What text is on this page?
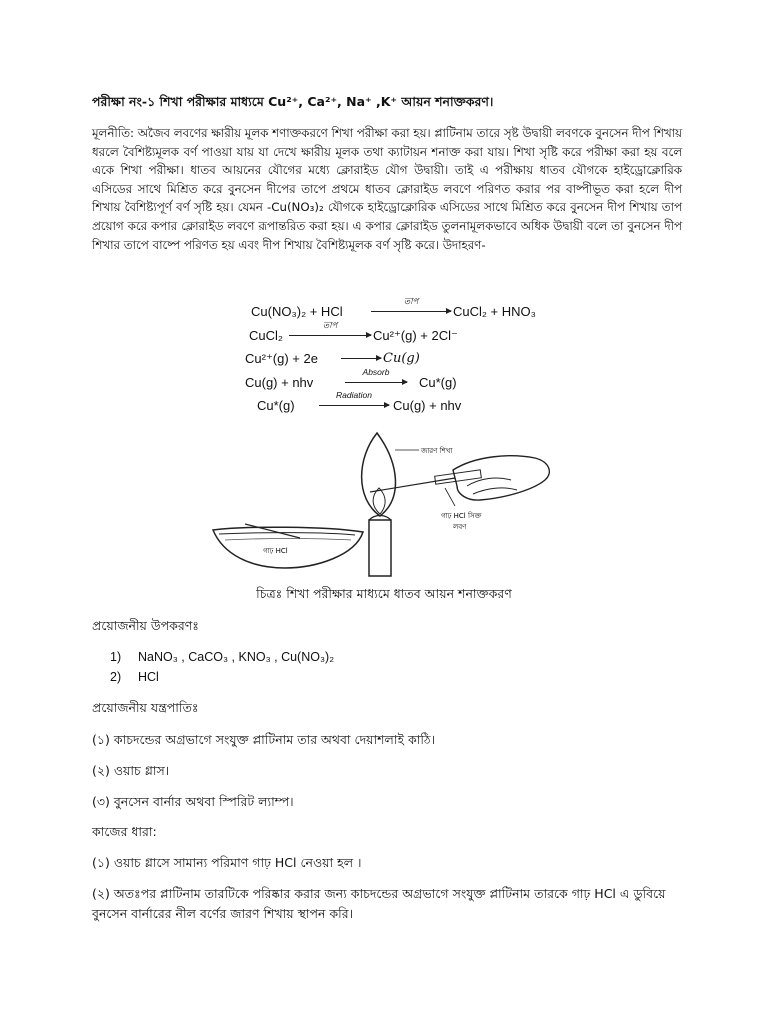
পরীক্ষা নং-১ শিখা পরীক্ষার মাধ্যমে Cu²⁺, Ca²⁺, Na⁺ ,K⁺ আয়ন শনাক্তকরণ।
মূলনীতি: অজৈব লবণের ক্ষারীয় মূলক শণাক্তকরণে শিখা পরীক্ষা করা হয়। প্লাটিনাম তারে সৃষ্ট উদ্বায়ী লবণকে বুনসেন দীপ শিখায় ধরলে বৈশিষ্ট্যমূলক বর্ণ পাওয়া যায় যা দেখে ক্ষারীয় মূলক তথা ক্যাটায়ন শনাক্ত করা যায়। শিখা সৃষ্টি করে পরীক্ষা করা হয় বলে একে শিখা পরীক্ষা। ধাতব আয়নের যৌগের মধ্যে ক্লোরাইড যৌগ উদ্বায়ী। তাই এ পরীক্ষায় ধাতব যৌগকে হাইড্রোক্লোরিক এসিডের সাথে মিশ্রিত করে বুনসেন দীপের তাপে প্রথমে ধাতব ক্লোরাইড লবণে পরিণত করার পর বাষ্পীভূত করা হলে দীপ শিখায় বৈশিষ্ট্যপূর্ণ বর্ণ সৃষ্টি হয়। যেমন -Cu(NO₃)₂ যৌগকে হাইড্রোক্লোরিক এসিডের সাথে মিশ্রিত করে বুনসেন দীপ শিখায় তাপ প্রয়োগ করে কপার ক্লোরাইড লবণে রূপান্তরিত করা হয়। এ কপার ক্লোরাইড তুলনামূলকভাবে অধিক উদ্বায়ী বলে তা বুনসেন দীপ শিখার তাপে বাষ্পে পরিণত হয় এবং দীপ শিখায় বৈশিষ্ট্যমূলক বর্ণ সৃষ্টি করে। উদাহরণ-
Cu(NO₃)₂ + HCl
তাপ
CuCl₂ + HNO₃
CuCl₂
তাপ
Cu²⁺(g) + 2Cl⁻
Cu²⁺(g) + 2e → Cu(g)
Cu(g) + nhv
Absorb
Cu*(g)
Cu*(g)
Radiation
Cu(g) + nhv
গাঢ় HCl
জারণ শিখা
গাঢ় HCl সিক্ত
লবণ
চিত্রঃ শিখা পরীক্ষার মাধ্যমে ধাতব আয়ন শনাক্তকরণ
প্রয়োজনীয় উপকরণঃ
1) NaNO₃ , CaCO₃ , KNO₃ , Cu(NO₃)₂
2) HCl
প্রয়োজনীয় যন্ত্রপাতিঃ
(১) কাচদন্ডের অগ্রভাগে সংযুক্ত প্লাটিনাম তার অথবা দেয়াশলাই কাঠি।
(২) ওয়াচ গ্লাস।
(৩) বুনসেন বার্নার অথবা স্পিরিট ল্যাম্প।
কাজের ধারা:
(১) ওয়াচ গ্লাসে সামান্য পরিমাণ গাঢ় HCl নেওয়া হল ।
(২) অতঃপর প্লাটিনাম তারটিকে পরিষ্কার করার জন্য কাচদন্ডের অগ্রভাগে সংযুক্ত প্লাটিনাম তারকে গাঢ় HCl এ ডুবিয়ে বুনসেন বার্নারের নীল বর্ণের জারণ শিখায় স্থাপন করি।
